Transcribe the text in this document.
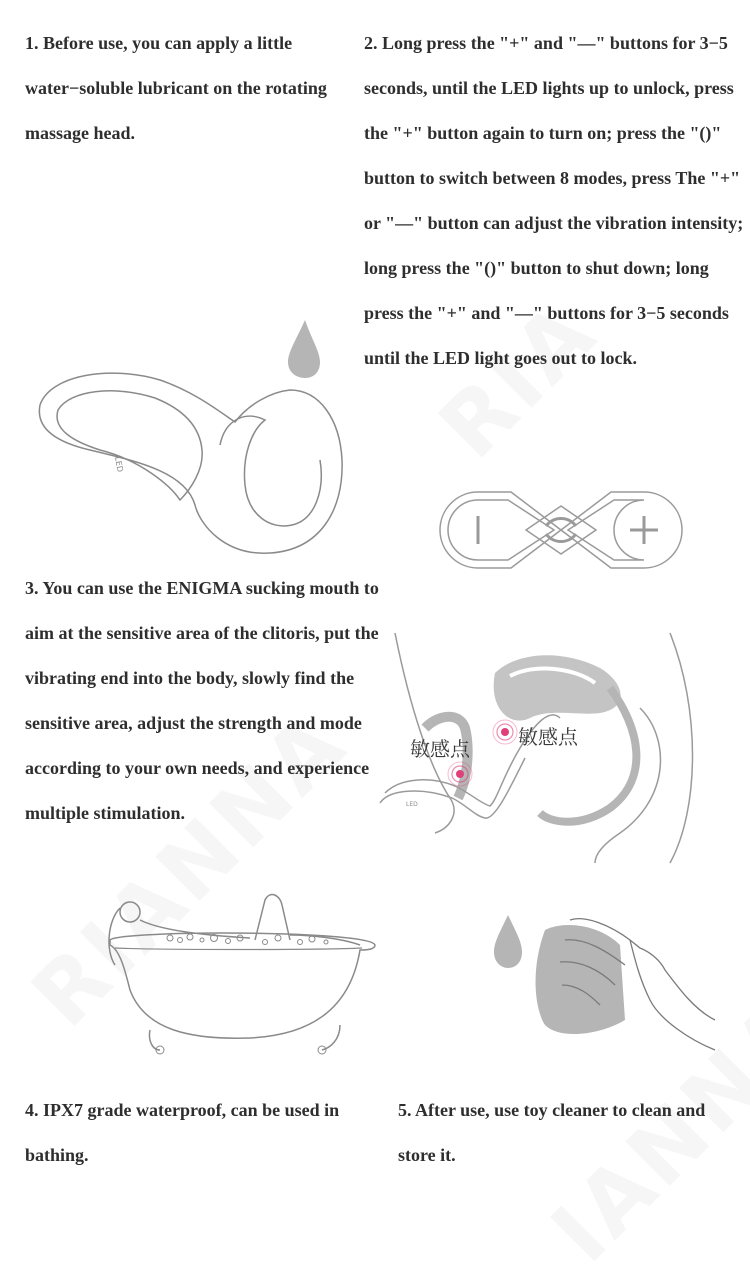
1. Before use, you can apply a little water−soluble lubricant on the rotating massage head.

2. Long press the "+" and "—" buttons for 3−5 seconds, until the LED lights up to unlock, press the "+" button again to turn on; press the "()" button to switch between 8 modes, press The "+" or "—" button can adjust the vibration intensity; long press the "()" button to shut down; long press the "+" and "—" buttons for 3−5 seconds until the LED light goes out to lock.

3. You can use the ENIGMA sucking mouth to aim at the sensitive area of the clitoris, put the vibrating end into the body, slowly find the sensitive area, adjust the strength and mode according to your own needs, and experience multiple stimulation.

4. IPX7 grade waterproof, can be used in bathing.

5. After use, use toy cleaner to clean and store it.

LED
LED
敏感点 敏感点
